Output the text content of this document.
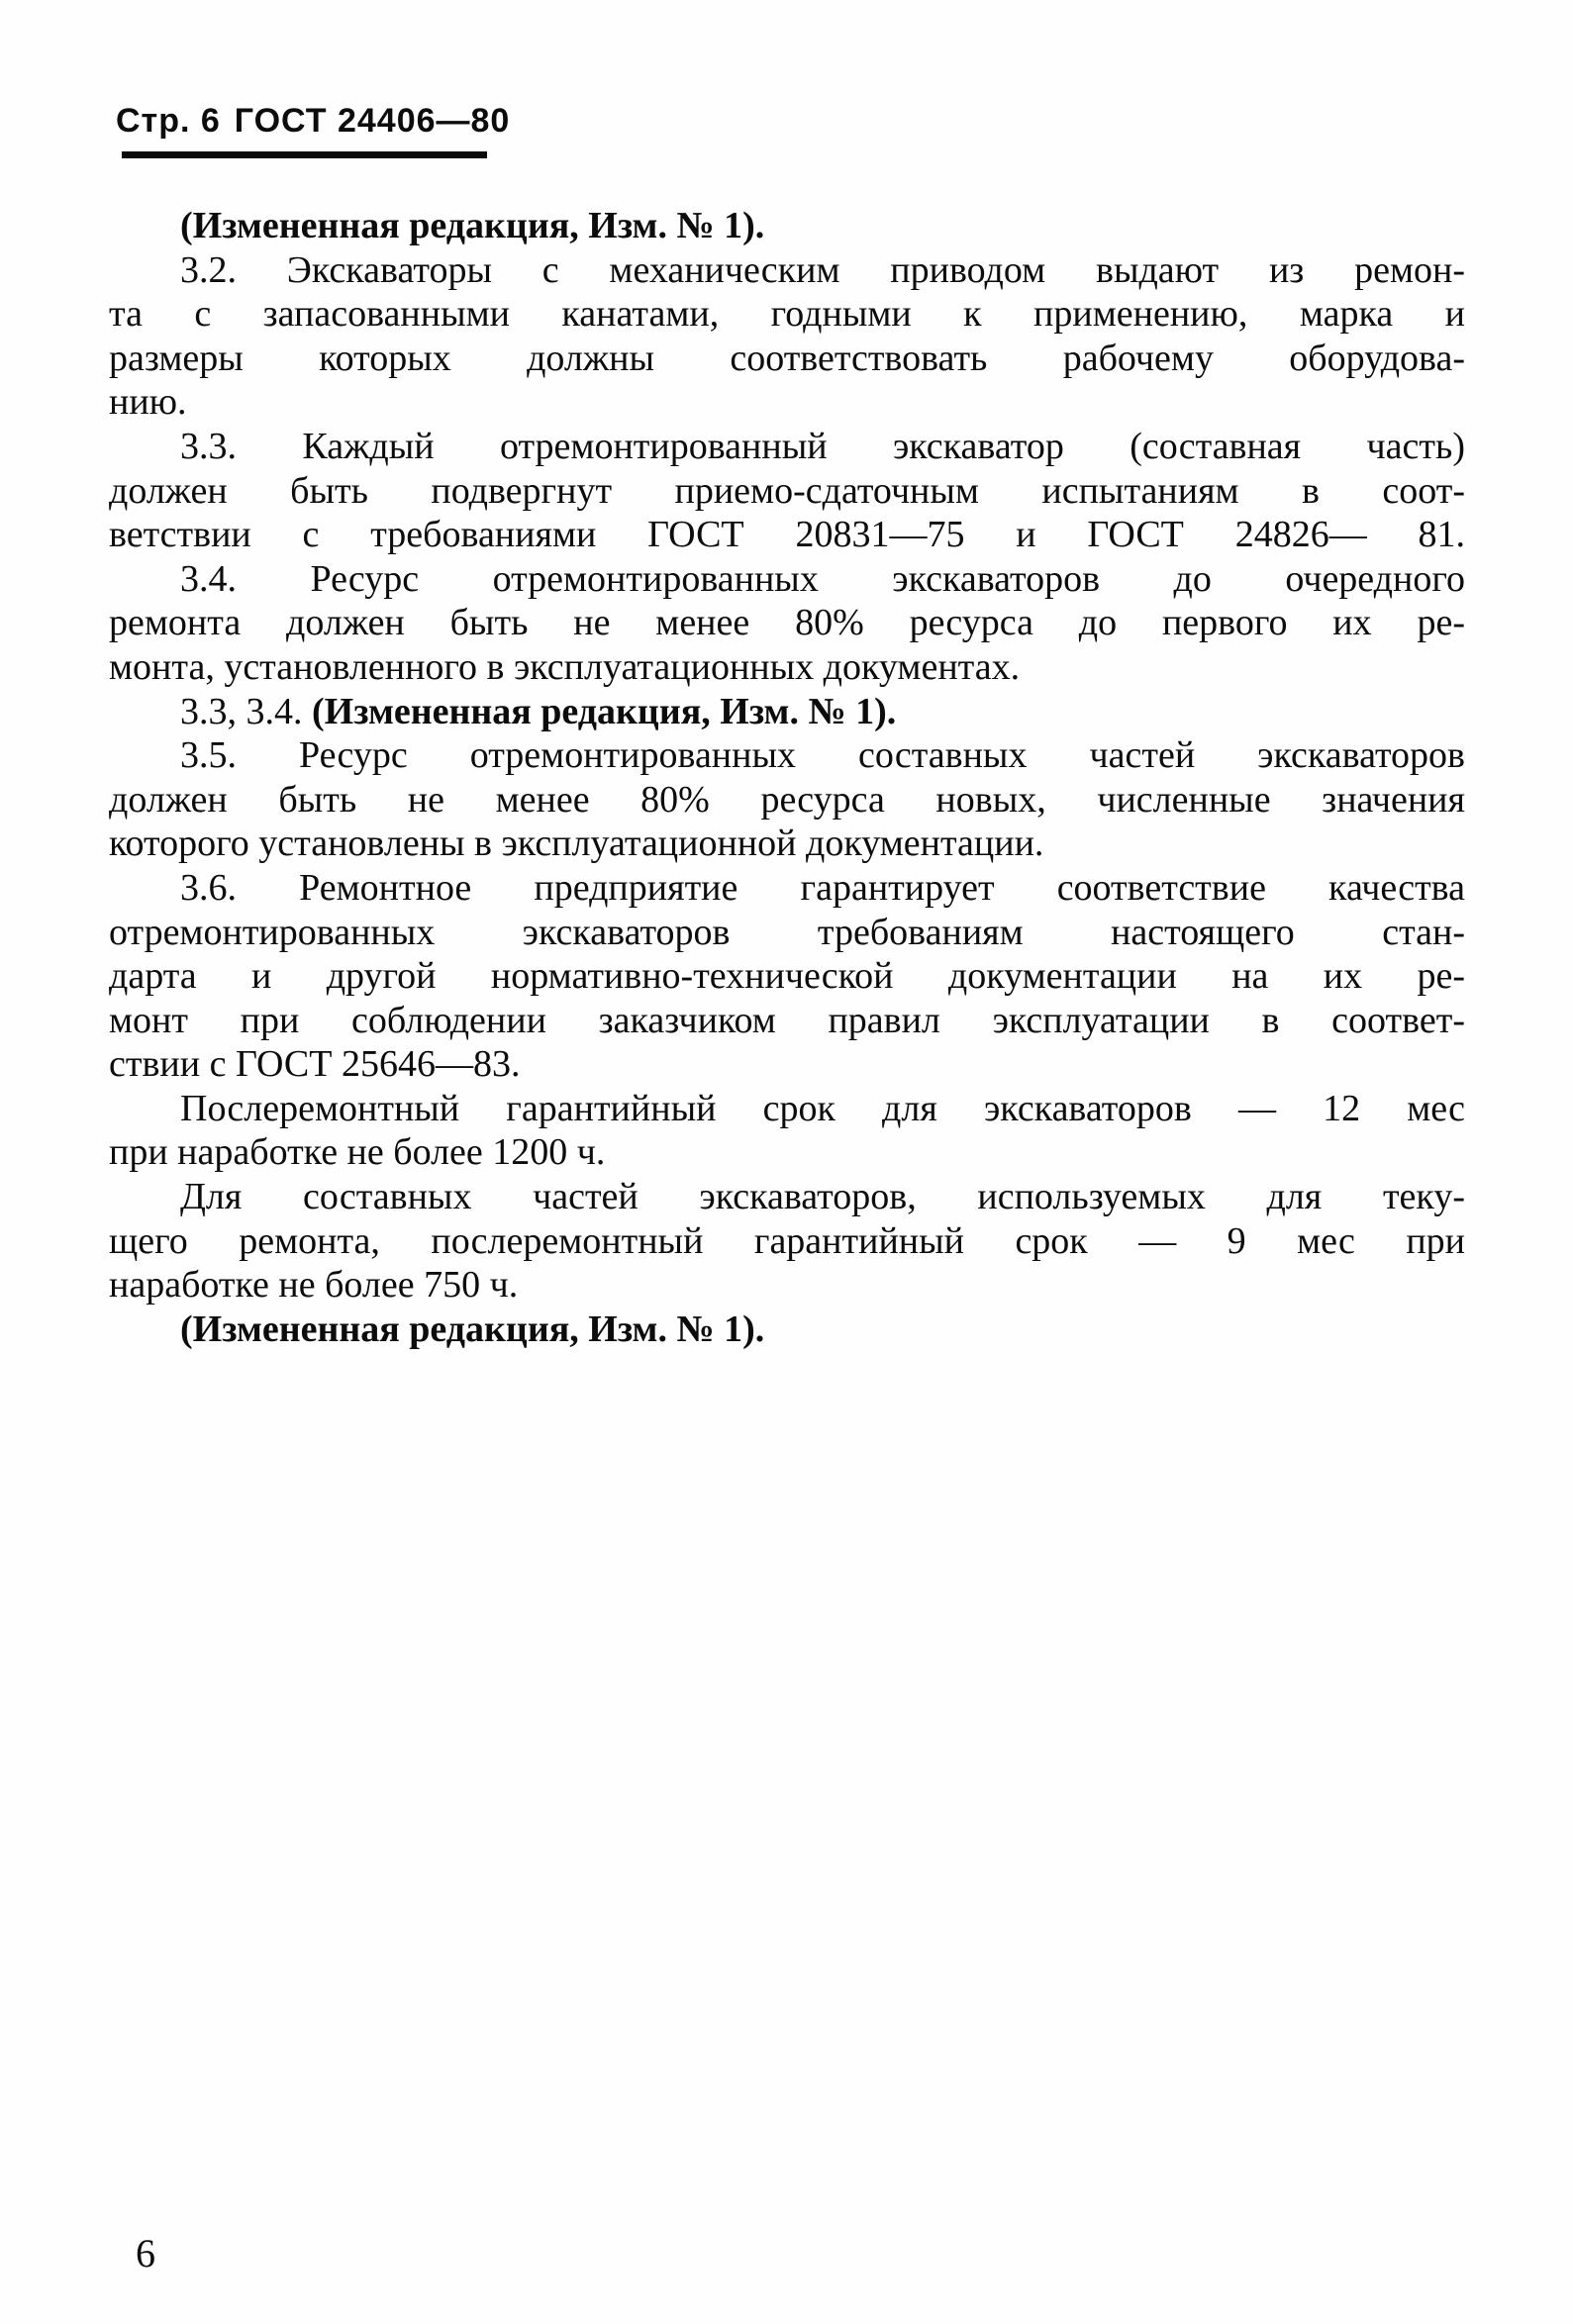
Стр. 6 ГОСТ 24406—80
(Измененная редакция, Изм. № 1).
3.2. Экскаваторы с механическим приводом выдают из ремон-
та с запасованными канатами, годными к применению, марка и
размеры которых должны соответствовать рабочему оборудова-
нию.
3.3. Каждый отремонтированный экскаватор (составная часть)
должен быть подвергнут приемо-сдаточным испытаниям в соот-
ветствии с требованиями ГОСТ 20831—75 и ГОСТ 24826— 81.
3.4. Ресурс отремонтированных экскаваторов до очередного
ремонта должен быть не менее 80% ресурса до первого их ре-
монта, установленного в эксплуатационных документах.
3.3, 3.4. (Измененная редакция, Изм. № 1).
3.5. Ресурс отремонтированных составных частей экскаваторов
должен быть не менее 80% ресурса новых, численные значения
которого установлены в эксплуатационной документации.
3.6. Ремонтное предприятие гарантирует соответствие качества
отремонтированных экскаваторов требованиям настоящего стан-
дарта и другой нормативно-технической документации на их ре-
монт при соблюдении заказчиком правил эксплуатации в соответ-
ствии с ГОСТ 25646—83.
Послеремонтный гарантийный срок для экскаваторов — 12 мес
при наработке не более 1200 ч.
Для составных частей экскаваторов, используемых для теку-
щего ремонта, послеремонтный гарантийный срок — 9 мес при
наработке не более 750 ч.
(Измененная редакция, Изм. № 1).
6
